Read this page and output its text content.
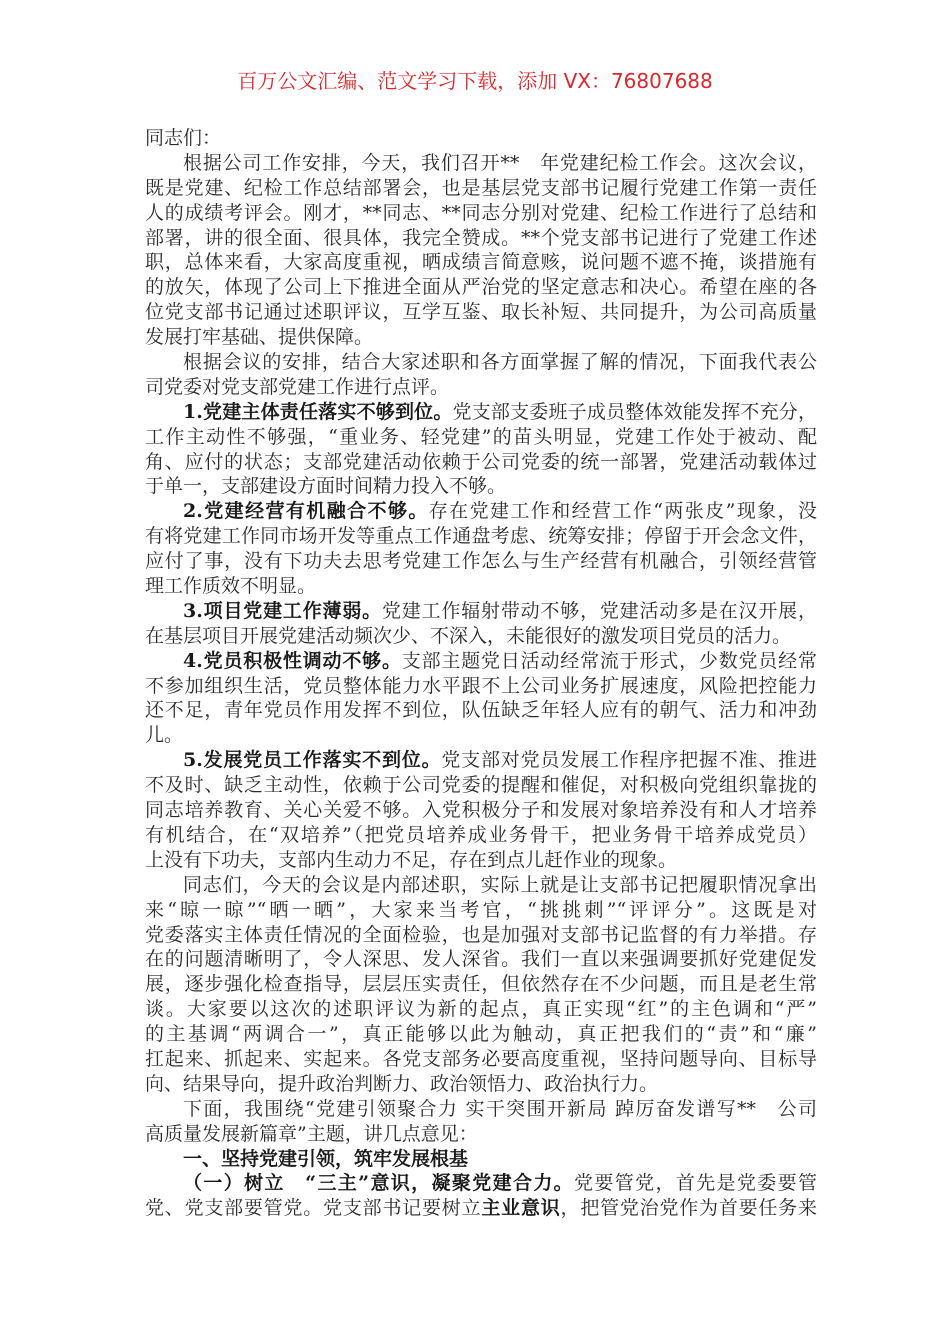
百万公文汇编、范文学习下载，添加 VX：76807688
同志们：
根据公司工作安排，今天，我们召开**　年党建纪检工作会。这次会议，
既是党建、纪检工作总结部署会，也是基层党支部书记履行党建工作第一责任
人的成绩考评会。刚才，**同志、**同志分别对党建、纪检工作进行了总结和
部署，讲的很全面、很具体，我完全赞成。**个党支部书记进行了党建工作述
职，总体来看，大家高度重视，晒成绩言简意赅，说问题不遮不掩，谈措施有
的放矢，体现了公司上下推进全面从严治党的坚定意志和决心。希望在座的各
位党支部书记通过述职评议，互学互鉴、取长补短、共同提升，为公司高质量
发展打牢基础、提供保障。
根据会议的安排，结合大家述职和各方面掌握了解的情况，下面我代表公
司党委对党支部党建工作进行点评。
1.党建主体责任落实不够到位。党支部支委班子成员整体效能发挥不充分，
工作主动性不够强，“重业务、轻党建”的苗头明显，党建工作处于被动、配
角、应付的状态；支部党建活动依赖于公司党委的统一部署，党建活动载体过
于单一，支部建设方面时间精力投入不够。
2.党建经营有机融合不够。存在党建工作和经营工作“两张皮”现象，没
有将党建工作同市场开发等重点工作通盘考虑、统筹安排；停留于开会念文件，
应付了事，没有下功夫去思考党建工作怎么与生产经营有机融合，引领经营管
理工作质效不明显。
3.项目党建工作薄弱。党建工作辐射带动不够，党建活动多是在汉开展，
在基层项目开展党建活动频次少、不深入，未能很好的激发项目党员的活力。
4.党员积极性调动不够。支部主题党日活动经常流于形式，少数党员经常
不参加组织生活，党员整体能力水平跟不上公司业务扩展速度，风险把控能力
还不足，青年党员作用发挥不到位，队伍缺乏年轻人应有的朝气、活力和冲劲
儿。
5.发展党员工作落实不到位。党支部对党员发展工作程序把握不准、推进
不及时、缺乏主动性，依赖于公司党委的提醒和催促，对积极向党组织靠拢的
同志培养教育、关心关爱不够。入党积极分子和发展对象培养没有和人才培养
有机结合，在“双培养”（把党员培养成业务骨干，把业务骨干培养成党员）
上没有下功夫，支部内生动力不足，存在到点儿赶作业的现象。
同志们，今天的会议是内部述职，实际上就是让支部书记把履职情况拿出
来“晾一晾”“晒一晒”，大家来当考官，“挑挑刺”“评评分”。这既是对
党委落实主体责任情况的全面检验，也是加强对支部书记监督的有力举措。存
在的问题清晰明了，令人深思、发人深省。我们一直以来强调要抓好党建促发
展，逐步强化检查指导，层层压实责任，但依然存在不少问题，而且是老生常
谈。大家要以这次的述职评议为新的起点，真正实现“红”的主色调和“严”
的主基调“两调合一”，真正能够以此为触动，真正把我们的“责”和“廉”
扛起来、抓起来、实起来。各党支部务必要高度重视，坚持问题导向、目标导
向、结果导向，提升政治判断力、政治领悟力、政治执行力。
下面，我围绕“党建引领聚合力 实干突围开新局 踔厉奋发谱写**　公司
高质量发展新篇章”主题，讲几点意见：
一、坚持党建引领，筑牢发展根基
（一）树立　“三主”意识，凝聚党建合力。党要管党，首先是党委要管
党、党支部要管党。党支部书记要树立主业意识，把管党治党作为首要任务来
